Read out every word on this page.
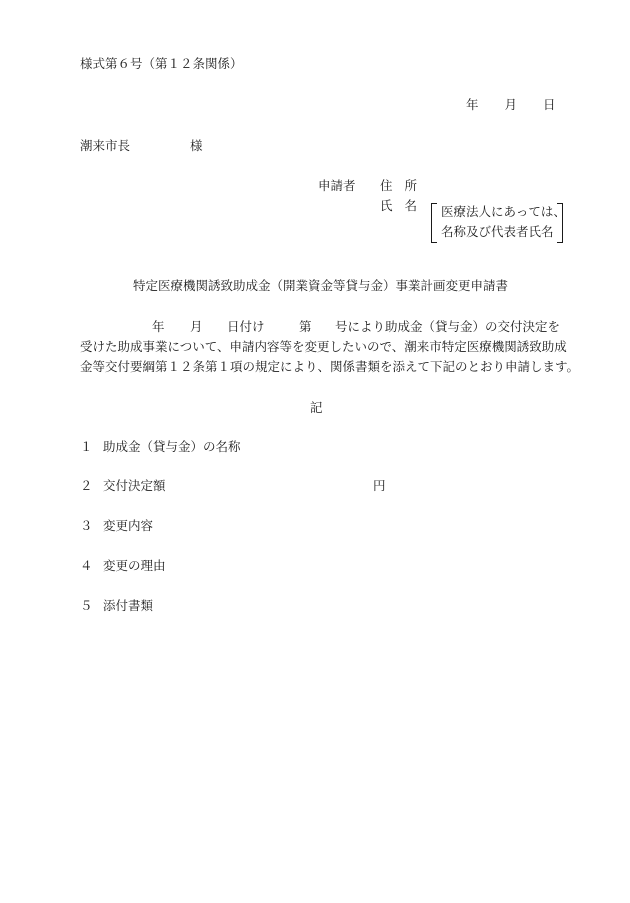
様式第６号（第１２条関係）
年 月 日
潮来市長	様
申請者 住 所
氏 名 医療法人にあっては、
名称及び代表者氏名
特定医療機関誘致助成金（開業資金等貸与金）事業計画変更申請書
年 月 日付け	第 号により助成金（貸与金）の交付決定を
受けた助成事業について、申請内容等を変更したいので、潮来市特定医療機関誘致助成
金等交付要綱第１２条第１項の規定により、関係書類を添えて下記のとおり申請します。
記
１ 助成金（貸与金）の名称
２ 交付決定額	円
３ 変更内容
４ 変更の理由
５ 添付書類
